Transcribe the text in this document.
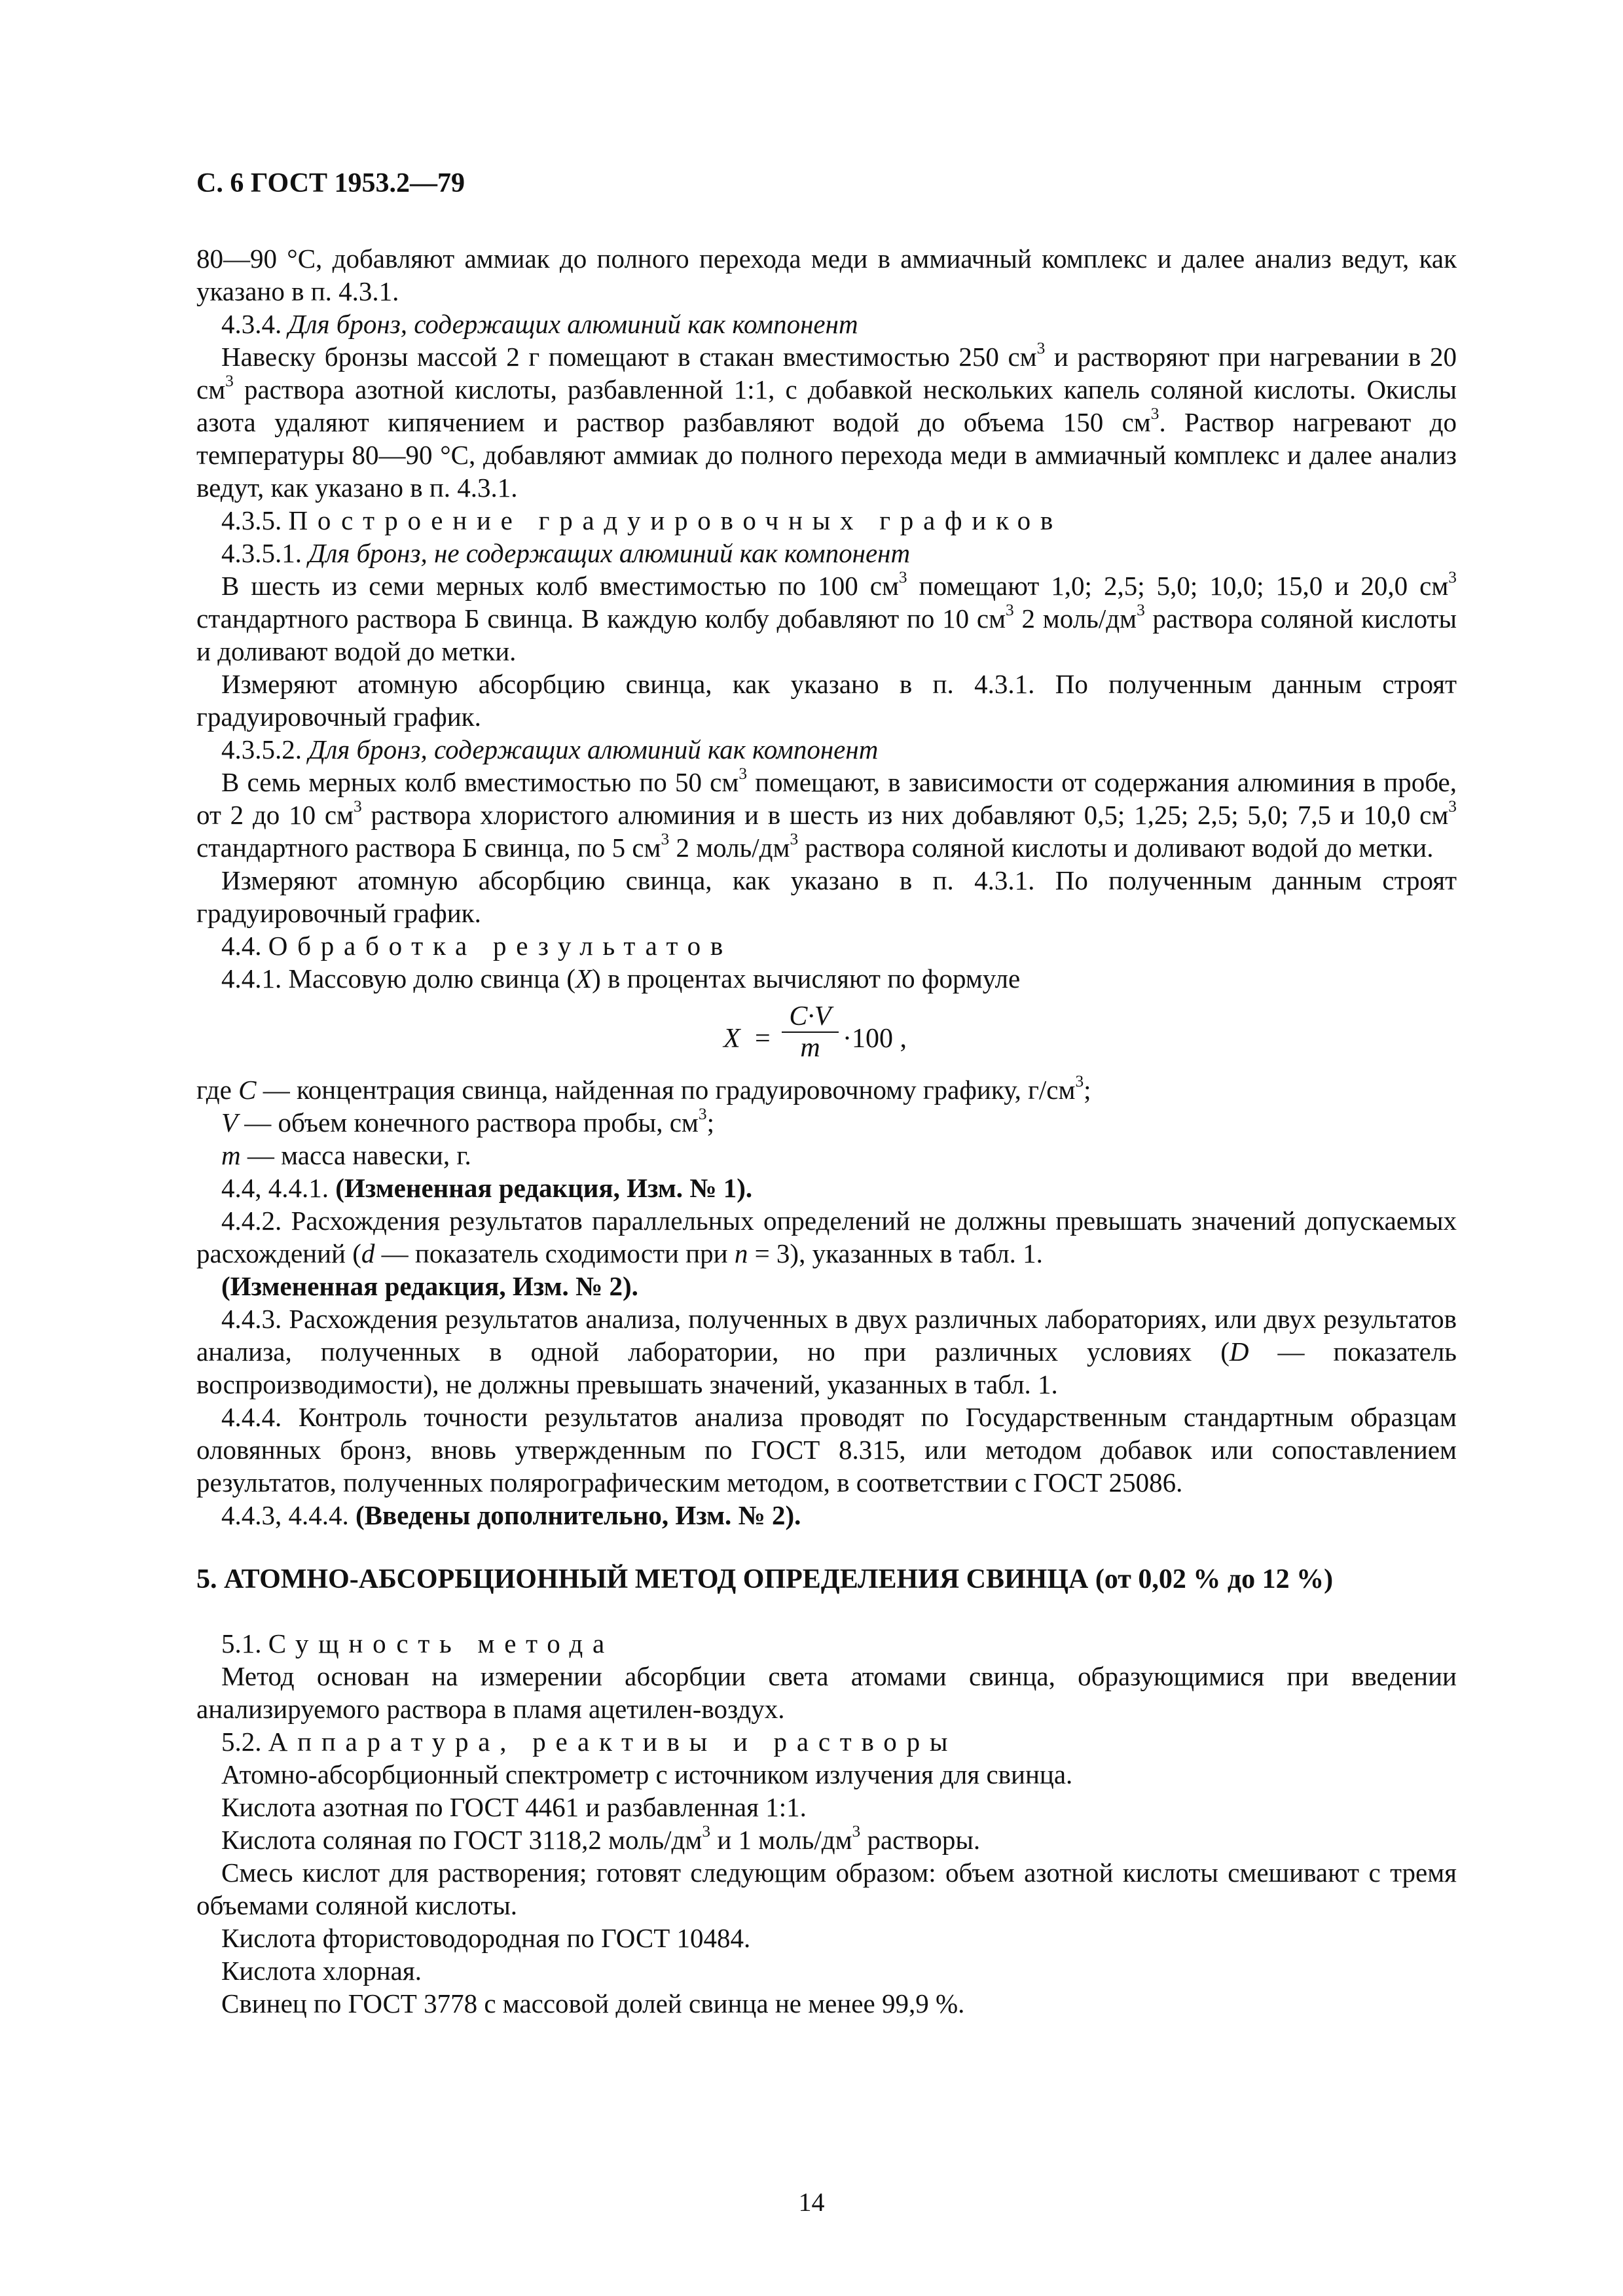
С. 6 ГОСТ 1953.2—79

80—90 °С, добавляют аммиак до полного перехода меди в аммиачный комплекс и далее анализ ведут, как указано в п. 4.3.1.

4.3.4. Для бронз, содержащих алюминий как компонент

Навеску бронзы массой 2 г помещают в стакан вместимостью 250 $см^3$ и растворяют при нагревании в 20 $см^3$ раствора азотной кислоты, разбавленной 1:1, с добавкой нескольких капель соляной кислоты. Окислы азота удаляют кипячением и раствор разбавляют водой до объема 150 $см^3$. Раствор нагревают до температуры 80—90 °С, добавляют аммиак до полного перехода меди в аммиачный комплекс и далее анализ ведут, как указано в п. 4.3.1.

4.3.5. Построение градуировочных графиков

4.3.5.1. Для бронз, не содержащих алюминий как компонент

В шесть из семи мерных колб вместимостью по 100 $см^3$ помещают 1,0; 2,5; 5,0; 10,0; 15,0 и 20,0 $см^3$ стандартного раствора Б свинца. В каждую колбу добавляют по 10 $см^3$ 2 моль/$дм^3$ раствора соляной кислоты и доливают водой до метки.

Измеряют атомную абсорбцию свинца, как указано в п. 4.3.1. По полученным данным строят градуировочный график.

4.3.5.2. Для бронз, содержащих алюминий как компонент

В семь мерных колб вместимостью по 50 $см^3$ помещают, в зависимости от содержания алюминия в пробе, от 2 до 10 $см^3$ раствора хлористого алюминия и в шесть из них добавляют 0,5; 1,25; 2,5; 5,0; 7,5 и 10,0 $см^3$ стандартного раствора Б свинца, по 5 $см^3$ 2 моль/$дм^3$ раствора соляной кислоты и доливают водой до метки.

Измеряют атомную абсорбцию свинца, как указано в п. 4.3.1. По полученным данным строят градуировочный график.

4.4. Обработка результатов

4.4.1. Массовую долю свинца (X) в процентах вычисляют по формуле

X =
C·V
m ·100 ,

где C — концентрация свинца, найденная по градуировочному графику, $г/см^3$;

V — объем конечного раствора пробы, $см^3$;

m — масса навески, г.

4.4, 4.4.1. (Измененная редакция, Изм. № 1).

4.4.2. Расхождения результатов параллельных определений не должны превышать значений допускаемых расхождений (d — показатель сходимости при n = 3), указанных в табл. 1.

(Измененная редакция, Изм. № 2).

4.4.3. Расхождения результатов анализа, полученных в двух различных лабораториях, или двух результатов анализа, полученных в одной лаборатории, но при различных условиях (D — показатель воспроизводимости), не должны превышать значений, указанных в табл. 1.

4.4.4. Контроль точности результатов анализа проводят по Государственным стандартным образцам оловянных бронз, вновь утвержденным по ГОСТ 8.315, или методом добавок или сопоставлением результатов, полученных полярографическим методом, в соответствии с ГОСТ 25086.

4.4.3, 4.4.4. (Введены дополнительно, Изм. № 2).

5. АТОМНО-АБСОРБЦИОННЫЙ МЕТОД ОПРЕДЕЛЕНИЯ СВИНЦА (от 0,02 % до 12 %)

5.1. Сущность метода

Метод основан на измерении абсорбции света атомами свинца, образующимися при введении анализируемого раствора в пламя ацетилен-воздух.

5.2. Аппаратура, реактивы и растворы

Атомно-абсорбционный спектрометр с источником излучения для свинца.

Кислота азотная по ГОСТ 4461 и разбавленная 1:1.

Кислота соляная по ГОСТ 3118,2 моль/$дм^3$ и 1 моль/$дм^3$ растворы.

Смесь кислот для растворения; готовят следующим образом: объем азотной кислоты смешивают с тремя объемами соляной кислоты.

Кислота фтористоводородная по ГОСТ 10484.

Кислота хлорная.

Свинец по ГОСТ 3778 с массовой долей свинца не менее 99,9 %.

14
